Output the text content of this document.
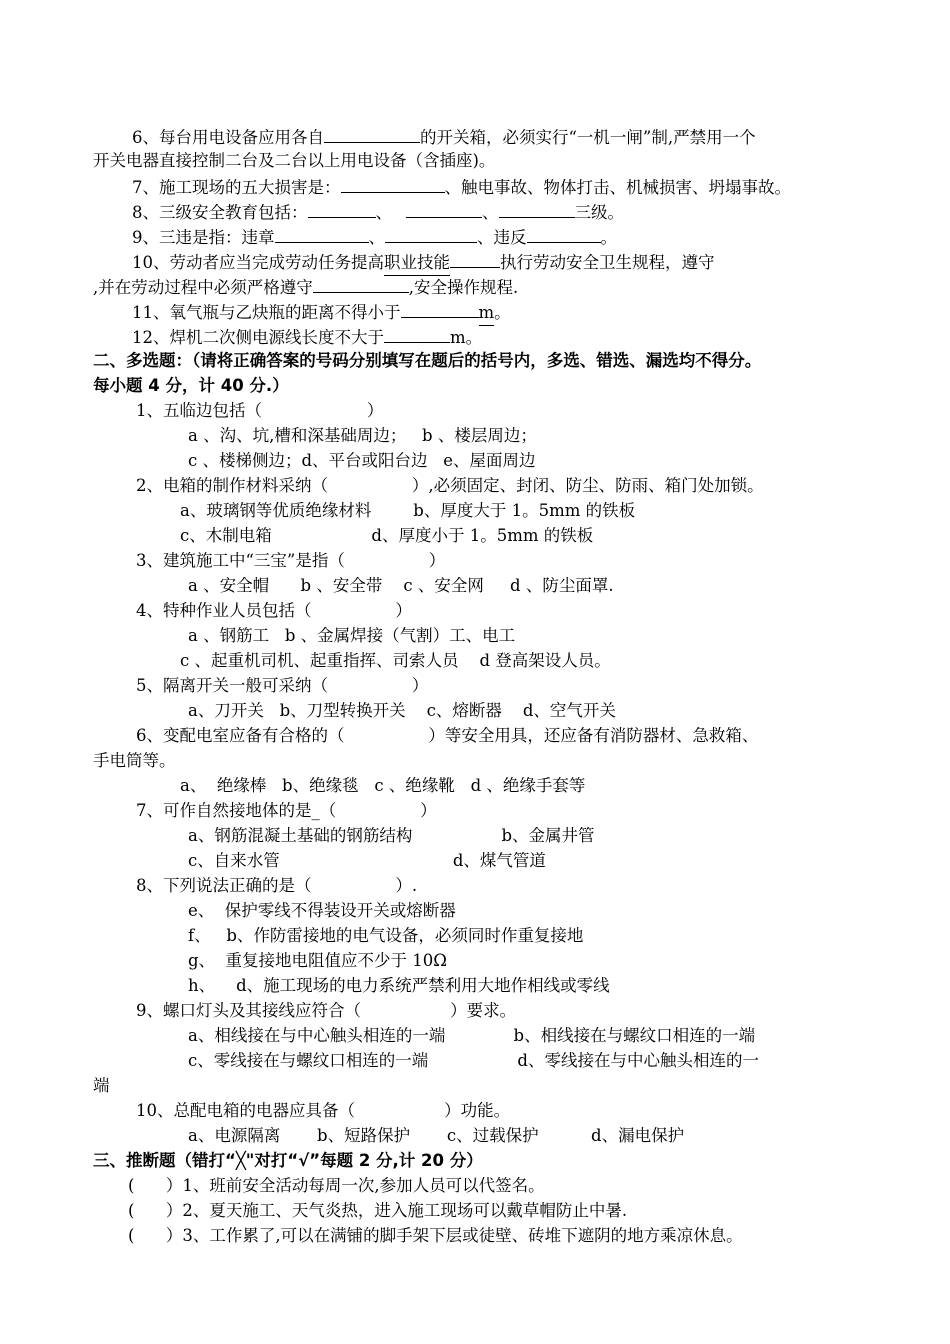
6、每台用电设备应用各自	的开关箱，必须实行“一机一闸”制,严禁用一个
开关电器直接控制二台及二台以上用电设备（含插座)。
7、施工现场的五大损害是：	、触电事故、物体打击、机械损害、坍塌事故。
8、三级安全教育包括：	、	、	三级。
9、三违是指：违章	、	、违反	。
10、劳动者应当完成劳动任务提高职业技能	执行劳动安全卫生规程，遵守
,并在劳动过程中必须严格遵守	,安全操作规程.
11、氧气瓶与乙炔瓶的距离不得小于	m。
12、焊机二次侧电源线长度不大于	m。
二、多选题：（请将正确答案的号码分别填写在题后的括号内，多选、错选、漏选均不得分。
每小题 4 分，计 40 分.）
1、五临边包括（                    ）
a 、沟、坑,槽和深基础周边；   b 、楼层周边；
c 、楼梯侧边；d、平台或阳台边   e、屋面周边
2、电箱的制作材料采纳（                ）,必须固定、封闭、防尘、防雨、箱门处加锁。
a、玻璃钢等优质绝缘材料        b、厚度大于 1。5mm 的铁板
c、木制电箱                   d、厚度小于 1。5mm 的铁板
3、建筑施工中“三宝”是指（                ）
a 、安全帽      b 、安全带    c 、安全网     d 、防尘面罩.
4、特种作业人员包括（                ）
a 、钢筋工   b 、金属焊接（气割）工、电工
c 、起重机司机、起重指挥、司索人员    d 登高架设人员。
5、隔离开关一般可采纳（                ）
a、刀开关   b、刀型转换开关    c、熔断器    d、空气开关
6、变配电室应备有合格的（                ）等安全用具，还应备有消防器材、急救箱、
手电筒等。
a、  绝缘棒   b、绝缘毯   c 、绝缘靴   d 、绝缘手套等
7、可作自然接地体的是_（                ）
a、钢筋混凝土基础的钢筋结构                 b、金属井管
c、自来水管                                 d、煤气管道
8、下列说法正确的是（                ）.
e、  保护零线不得装设开关或熔断器
f、   b、作防雷接地的电气设备，必须同时作重复接地
g、  重复接地电阻值应不少于 10Ω
h、    d、施工现场的电力系统严禁利用大地作相线或零线
9、螺口灯头及其接线应符合（                 ）要求。
a、相线接在与中心触头相连的一端             b、相线接在与螺纹口相连的一端
c、零线接在与螺纹口相连的一端                 d、零线接在与中心触头相连的一
端
10、总配电箱的电器应具备（                 ）功能。
a、电源隔离       b、短路保护       c、过载保护          d、漏电保护
三、推断题（错打“╳"对打“√”每题 2 分,计 20 分）
(      ）1、班前安全活动每周一次,参加人员可以代签名。
(      ）2、夏天施工、天气炎热，进入施工现场可以戴草帽防止中暑.
(      ）3、工作累了,可以在满铺的脚手架下层或徒壁、砖堆下遮阴的地方乘凉休息。
